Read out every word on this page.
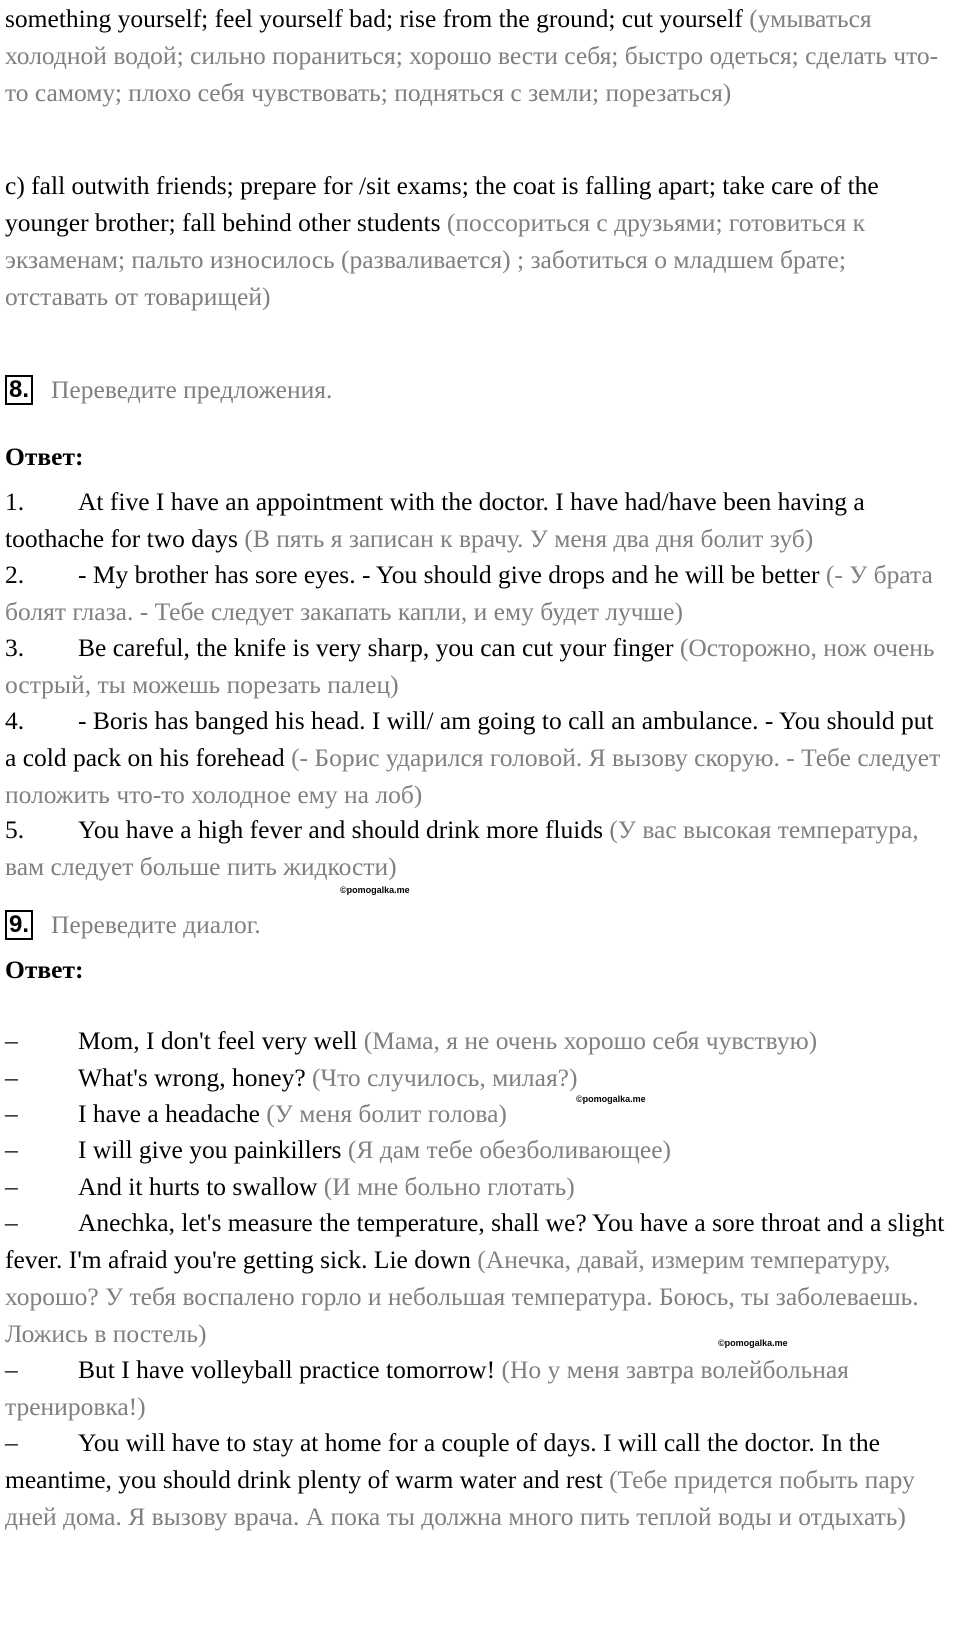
something yourself; feel yourself bad; rise from the ground; cut yourself (умываться холодной водой; сильно пораниться; хорошо вести себя; быстро одеться; сделать что-то самому; плохо себя чувствовать; подняться с земли; порезаться)

c) fall outwith friends; prepare for /sit exams; the coat is falling apart; take care of the younger brother; fall behind other students (поссориться с друзьями; готовиться к экзаменам; пальто износилось (разваливается) ; заботиться о младшем брате; отставать от товарищей)

8. Переведите предложения.
Ответ:

1. At five I have an appointment with the doctor. I have had/have been having a toothache for two days (В пять я записан к врачу. У меня два дня болит зуб)

2. - My brother has sore eyes. - You should give drops and he will be better (- У брата болят глаза. - Тебе следует закапать капли, и ему будет лучше)

3. Be careful, the knife is very sharp, you can cut your finger (Осторожно, нож очень острый, ты можешь порезать палец)

4. - Boris has banged his head. I will/ am going to call an ambulance. - You should put a cold pack on his forehead (- Борис ударился головой. Я вызову скорую. - Тебе следует положить что-то холодное ему на лоб)

5. You have a high fever and should drink more fluids (У вас высокая температура, вам следует больше пить жидкости)

©pomogalka.me
9. Переведите диалог.
Ответ:

– Mom, I don't feel very well (Мама, я не очень хорошо себя чувствую)

– What's wrong, honey? (Что случилось, милая?)

– I have a headache (У меня болит голова)	©pomogalka.me

– I will give you painkillers (Я дам тебе обезболивающее)

– And it hurts to swallow (И мне больно глотать)

– Anechka, let's measure the temperature, shall we? You have a sore throat and a slight fever. I'm afraid you're getting sick. Lie down (Анечка, давай, измерим температуру, хорошо? У тебя воспалено горло и небольшая температура. Боюсь, ты заболеваешь. Ложись в постель)	©pomogalka.me

– But I have volleyball practice tomorrow! (Но у меня завтра волейбольная тренировка!)

– You will have to stay at home for a couple of days. I will call the doctor. In the meantime, you should drink plenty of warm water and rest (Тебе придется побыть пару дней дома. Я вызову врача. А пока ты должна много пить теплой воды и отдыхать)
